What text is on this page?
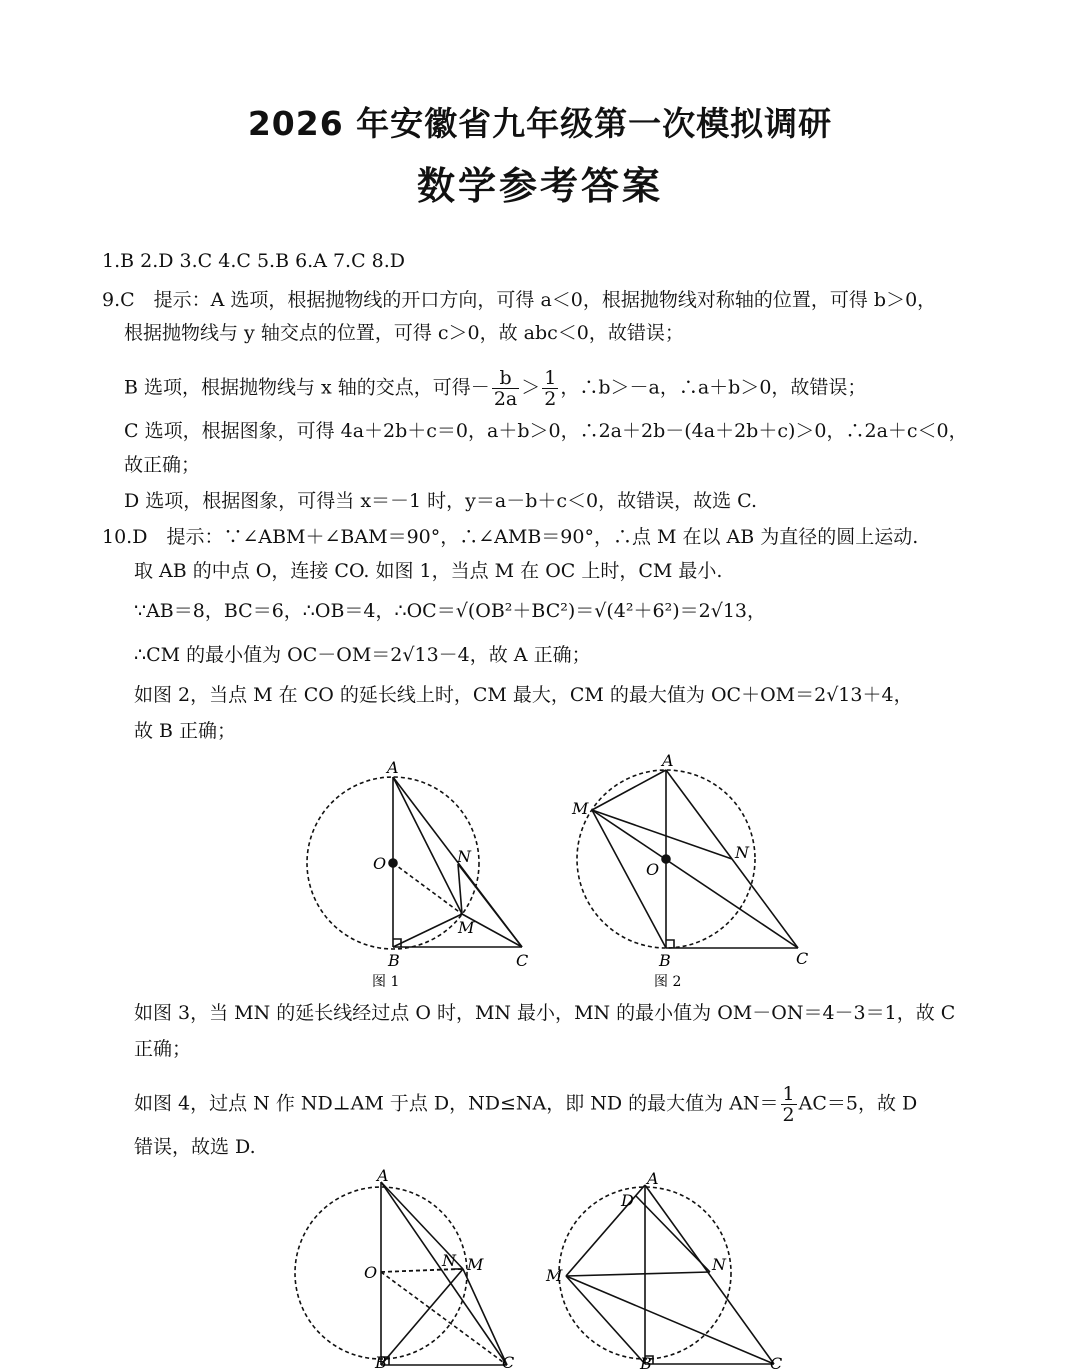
2026 年安徽省九年级第一次模拟调研
数学参考答案
1.B 2.D 3.C 4.C 5.B 6.A 7.C 8.D
9.C　提示：A 选项，根据抛物线的开口方向，可得 a＜0，根据抛物线对称轴的位置，可得 b＞0，
根据抛物线与 y 轴交点的位置，可得 c＞0，故 abc＜0，故错误；
B 选项，根据抛物线与 x 轴的交点，可得－ $\frac{b}{2a} > \frac{1}{2}$ ，∴b＞－a，∴a＋b＞0，故错误；
C 选项，根据图象，可得 4a＋2b＋c＝0，a＋b＞0，∴2a＋2b－(4a＋2b＋c)＞0，∴2a＋c＜0，
故正确；
D 选项，根据图象，可得当 x＝－1 时，y＝a－b＋c＜0，故错误，故选 C.
10.D　提示：∵∠ABM＋∠BAM＝90°，∴∠AMB＝90°，∴点 M 在以 AB 为直径的圆上运动.
取 AB 的中点 O，连接 CO. 如图 1，当点 M 在 OC 上时，CM 最小.
∵AB＝8，BC＝6，∴OB＝4，∴OC＝√(OB²＋BC²)＝√(4²＋6²)＝2√13，
∴CM 的最小值为 OC－OM＝2√13－4，故 A 正确；
如图 2，当点 M 在 CO 的延长线上时，CM 最大，CM 的最大值为 OC＋OM＝2√13＋4，
故 B 正确；
A
O	N
M
B	C
图 1
A
M
N
O
B	C
图 2
如图 3，当 MN 的延长线经过点 O 时，MN 最小，MN 的最小值为 OM－ON＝4－3＝1，故 C
正确；
如图 4，过点 N 作 ND⊥AM 于点 D，ND≤NA，即 ND 的最大值为 $AN= \frac{1}{2} AC=5$，故 D
错误，故选 D.
A
O
N M
B	C
A
D
M
N
B	C
